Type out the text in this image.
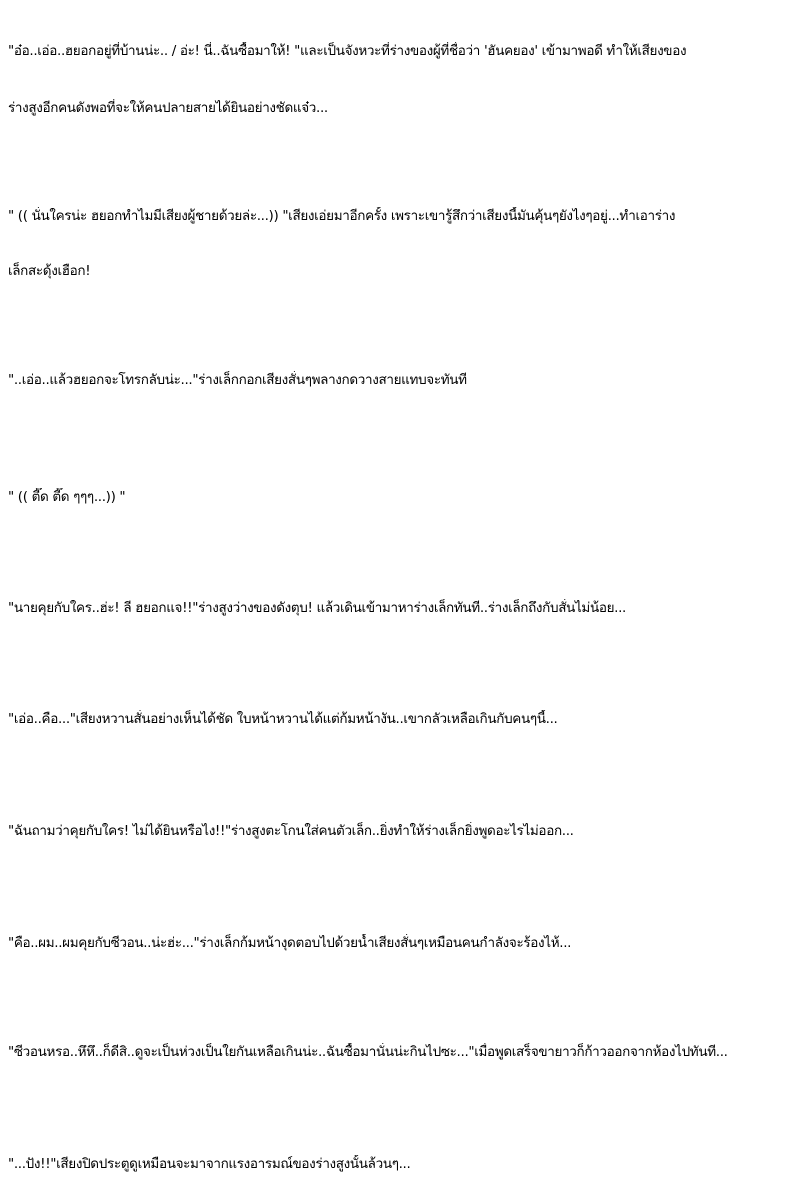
"อ๋อ..เอ่อ..ฮยอกอยู่ที่บ้านน่ะ.. / อ่ะ! นี่..ฉันซื้อมาให้! "และเป็นจังหวะที่ร่างของผู้ที่ชื่อว่า 'ฮันคยอง' เข้ามาพอดี ทำให้เสียงของ
ร่างสูงอีกคนดังพอที่จะให้คนปลายสายได้ยินอย่างชัดแจ๋ว...
" (( นั่นใครน่ะ ฮยอกทำไมมีเสียงผู้ชายด้วยล่ะ...)) "เสียงเอ่ยมาอีกครั้ง เพราะเขารู้สึกว่าเสียงนี้มันคุ้นๆยังไงๆอยู่...ทำเอาร่าง
เล็กสะดุ้งเฮือก!
"..เอ่อ..แล้วฮยอกจะโทรกลับน่ะ..."ร่างเล็กกอกเสียงสั่นๆพลางกดวางสายแทบจะทันที
" (( ตี๊ด ตี๊ด ๆๆๆ...)) "
"นายคุยกับใคร..ฮ่ะ! ลี ฮยอกแจ!!"ร่างสูงว่างของดังตุบ! แล้วเดินเข้ามาหาร่างเล็กทันที..ร่างเล็กถึงกับสั่นไม่น้อย...
"เอ่อ..คือ..."เสียงหวานสั่นอย่างเห็นได้ชัด ใบหน้าหวานได้แต่ก้มหน้างัน..เขากลัวเหลือเกินกับคนๆนี้...
"ฉันถามว่าคุยกับใคร! ไม่ได้ยินหรือไง!!"ร่างสูงตะโกนใส่คนตัวเล็ก..ยิ่งทำให้ร่างเล็กยิ่งพูดอะไรไม่ออก...
"คือ..ผม..ผมคุยกับซีวอน..น่ะฮ่ะ..."ร่างเล็กก้มหน้างุดตอบไปด้วยน้ำเสียงสั่นๆเหมือนคนกำลังจะร้องไห้...
"ซีวอนหรอ..หึหึ..ก็ดีสิ..ดูจะเป็นห่วงเป็นใยกันเหลือเกินน่ะ..ฉันซื้อมานั่นน่ะกินไปซะ..."เมื่อพูดเสร็จขายาวก็ก้าวออกจากห้องไปทันที...
"...ปัง!!"เสียงปิดประตูดูเหมือนจะมาจากแรงอารมณ์ของร่างสูงนั้นล้วนๆ...
